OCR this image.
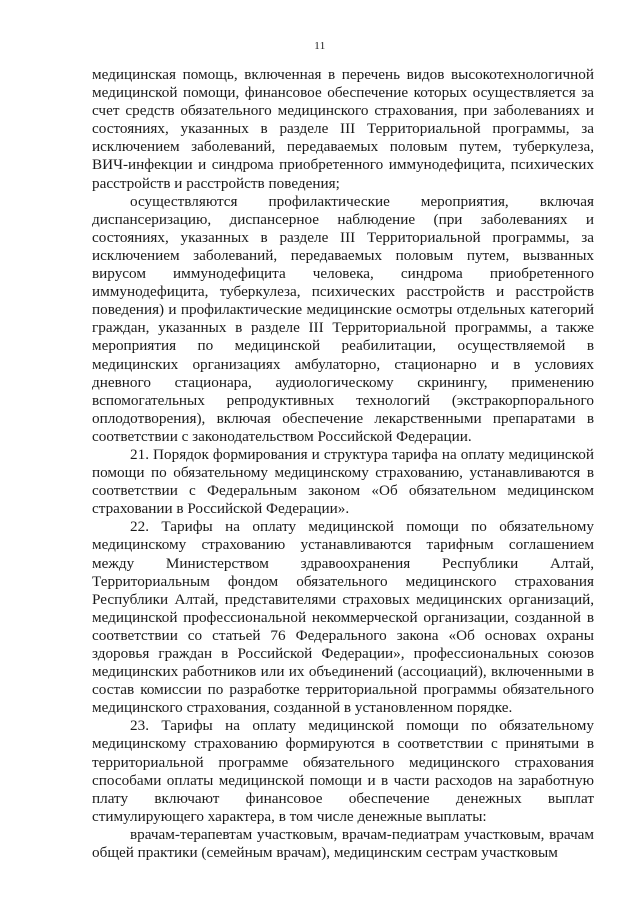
11

медицинская помощь, включенная в перечень видов высокотехнологичной медицинской помощи, финансовое обеспечение которых осуществляется за счет средств обязательного медицинского страхования, при заболеваниях и состояниях, указанных в разделе III Территориальной программы, за исключением заболеваний, передаваемых половым путем, туберкулеза, ВИЧ-инфекции и синдрома приобретенного иммунодефицита, психических расстройств и расстройств поведения;

осуществляются профилактические мероприятия, включая диспансеризацию, диспансерное наблюдение (при заболеваниях и состояниях, указанных в разделе III Территориальной программы, за исключением заболеваний, передаваемых половым путем, вызванных вирусом иммунодефицита человека, синдрома приобретенного иммунодефицита, туберкулеза, психических расстройств и расстройств поведения) и профилактические медицинские осмотры отдельных категорий граждан, указанных в разделе III Территориальной программы, а также мероприятия по медицинской реабилитации, осуществляемой в медицинских организациях амбулаторно, стационарно и в условиях дневного стационара, аудиологическому скринингу, применению вспомогательных репродуктивных технологий (экстракорпорального оплодотворения), включая обеспечение лекарственными препаратами в соответствии с законодательством Российской Федерации.

21. Порядок формирования и структура тарифа на оплату медицинской помощи по обязательному медицинскому страхованию, устанавливаются в соответствии с Федеральным законом «Об обязательном медицинском страховании в Российской Федерации».

22. Тарифы на оплату медицинской помощи по обязательному медицинскому страхованию устанавливаются тарифным соглашением между Министерством здравоохранения Республики Алтай, Территориальным фондом обязательного медицинского страхования Республики Алтай, представителями страховых медицинских организаций, медицинской профессиональной некоммерческой организации, созданной в соответствии со статьей 76 Федерального закона «Об основах охраны здоровья граждан в Российской Федерации», профессиональных союзов медицинских работников или их объединений (ассоциаций), включенными в состав комиссии по разработке территориальной программы обязательного медицинского страхования, созданной в установленном порядке.

23. Тарифы на оплату медицинской помощи по обязательному медицинскому страхованию формируются в соответствии с принятыми в территориальной программе обязательного медицинского страхования способами оплаты медицинской помощи и в части расходов на заработную плату включают финансовое обеспечение денежных выплат стимулирующего характера, в том числе денежные выплаты:

врачам-терапевтам участковым, врачам-педиатрам участковым, врачам общей практики (семейным врачам), медицинским сестрам участковым
